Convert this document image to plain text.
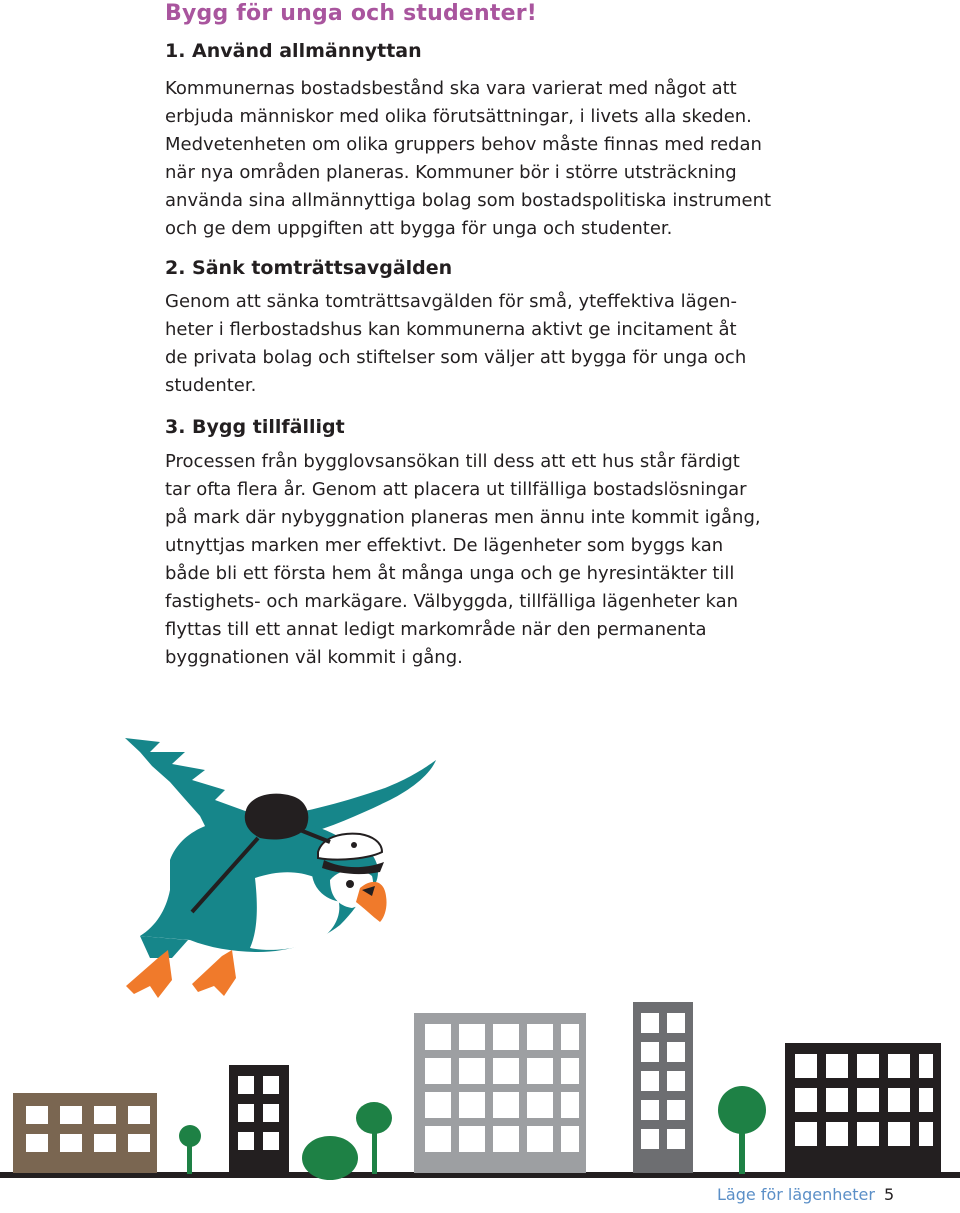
Bygg för unga och studenter!
1. Använd allmännyttan
Kommunernas bostadsbestånd ska vara varierat med något att
erbjuda människor med olika förutsättningar, i livets alla skeden.
Medvetenheten om olika gruppers behov måste finnas med redan
när nya områden planeras. Kommuner bör i större utsträckning
använda sina allmännyttiga bolag som bostadspolitiska instrument
och ge dem uppgiften att bygga för unga och studenter.
2. Sänk tomträttsavgälden
Genom att sänka tomträttsavgälden för små, yteffektiva lägen-
heter i flerbostadshus kan kommunerna aktivt ge incitament åt
de privata bolag och stiftelser som väljer att bygga för unga och
studenter.
3. Bygg tillfälligt
Processen från bygglovsansökan till dess att ett hus står färdigt
tar ofta flera år. Genom att placera ut tillfälliga bostadslösningar
på mark där nybyggnation planeras men ännu inte kommit igång,
utnyttjas marken mer effektivt. De lägenheter som byggs kan
både bli ett första hem åt många unga och ge hyresintäkter till
fastighets- och markägare. Välbyggda, tillfälliga lägenheter kan
flyttas till ett annat ledigt markområde när den permanenta
byggnationen väl kommit i gång.
Läge för lägenheter 5
